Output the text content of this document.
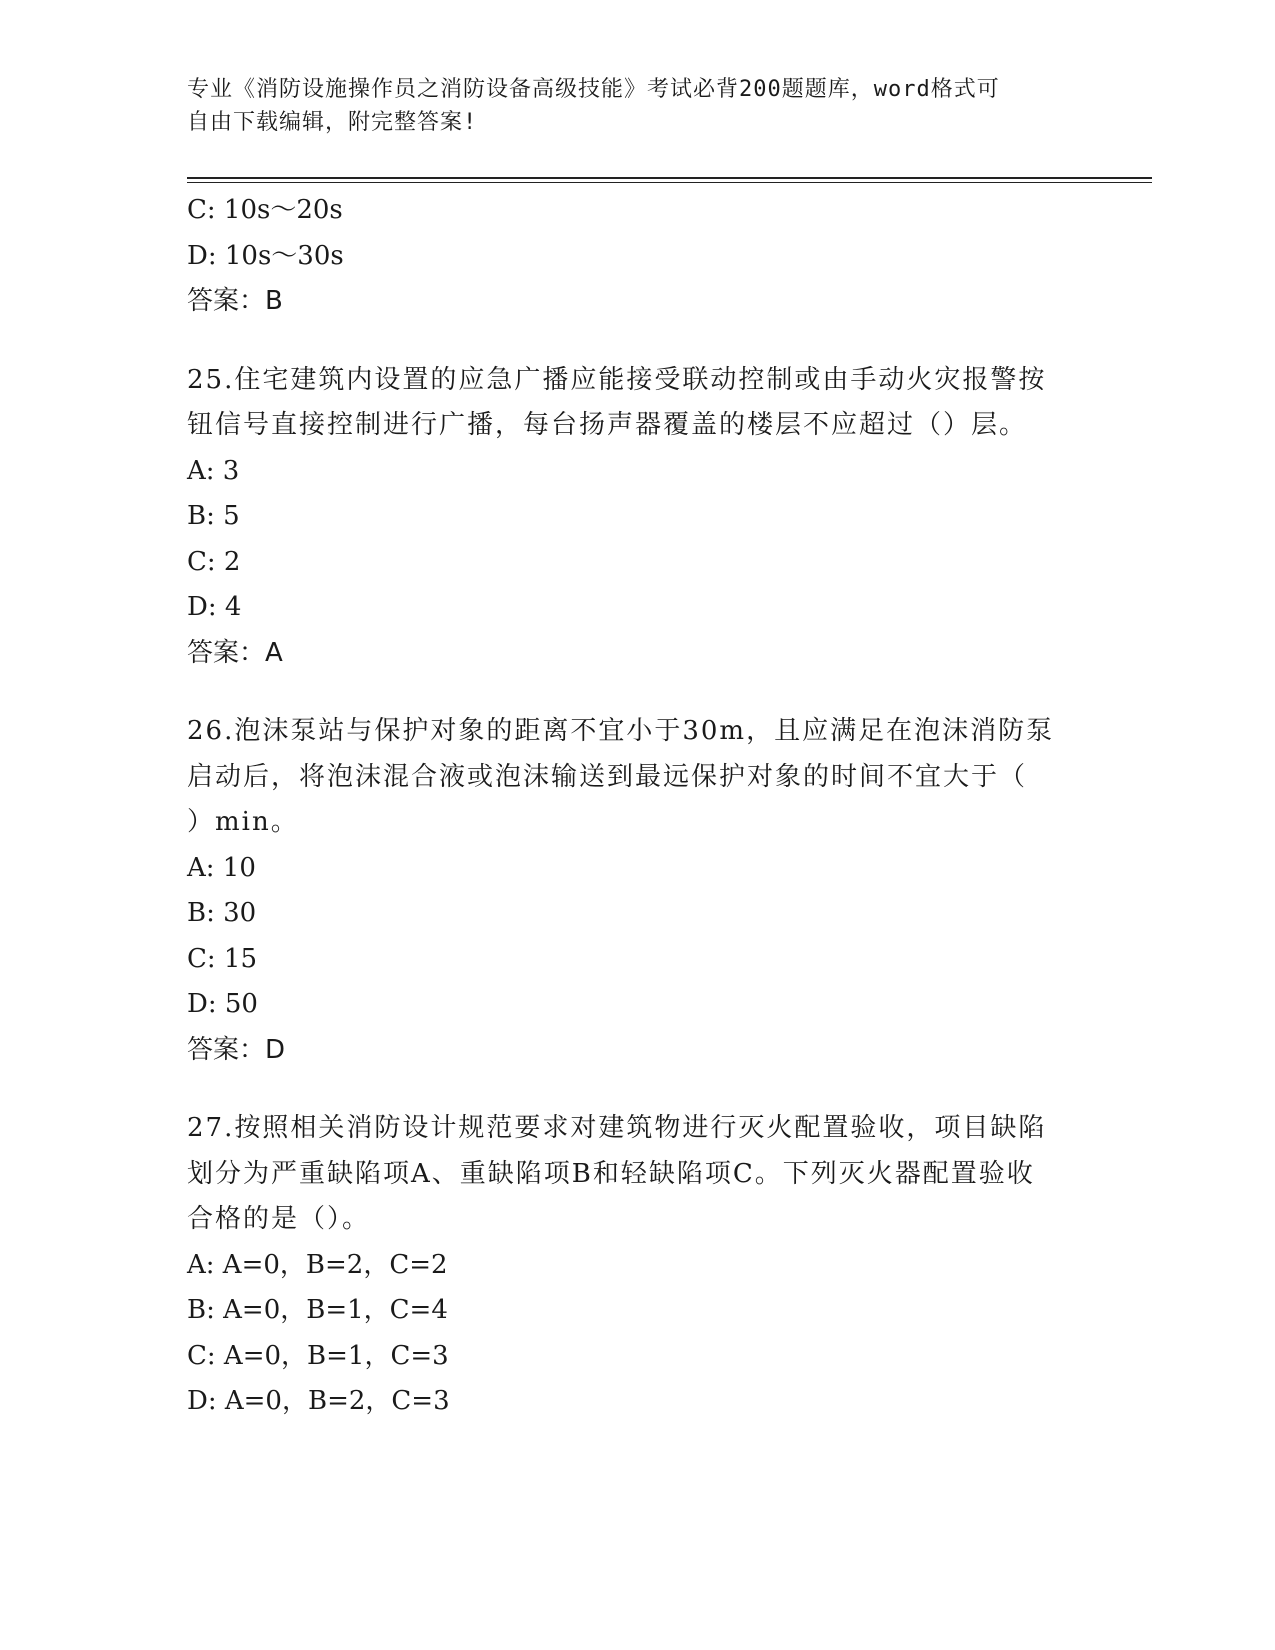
专业《消防设施操作员之消防设备高级技能》考试必背200题题库，word格式可
自由下载编辑，附完整答案!
C: 10s～20s
D: 10s～30s
答案：B
25.住宅建筑内设置的应急广播应能接受联动控制或由手动火灾报警按
钮信号直接控制进行广播，每台扬声器覆盖的楼层不应超过（）层。
A: 3
B: 5
C: 2
D: 4
答案：A
26.泡沫泵站与保护对象的距离不宜小于30m，且应满足在泡沫消防泵
启动后，将泡沫混合液或泡沫输送到最远保护对象的时间不宜大于（
）min。
A: 10
B: 30
C: 15
D: 50
答案：D
27.按照相关消防设计规范要求对建筑物进行灭火配置验收，项目缺陷
划分为严重缺陷项A、重缺陷项B和轻缺陷项C。下列灭火器配置验收
合格的是（）。
A: A=0，B=2，C=2
B: A=0，B=1，C=4
C: A=0，B=1，C=3
D: A=0，B=2，C=3
